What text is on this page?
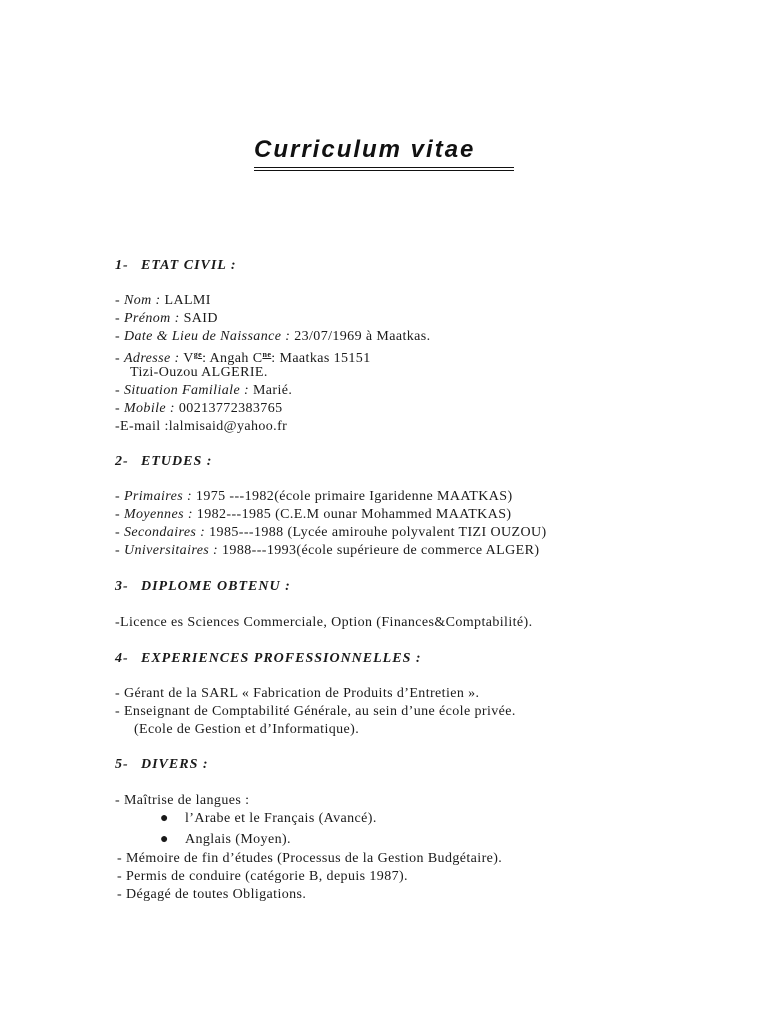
Curriculum vitae
1- ETAT CIVIL :
- Nom : LALMI
- Prénom : SAID
- Date & Lieu de Naissance : 23/07/1969 à Maatkas.
- Adresse : $V^{ge}$: Angah $C^{ne}$: Maatkas 15151
Tizi-Ouzou ALGERIE.
- Situation Familiale : Marié.
- Mobile : 00213772383765
-E-mail :lalmisaid@yahoo.fr
2- ETUDES :
- Primaires : 1975 ---1982(école primaire Igaridenne MAATKAS)
- Moyennes : 1982---1985 (C.E.M ounar Mohammed MAATKAS)
- Secondaires : 1985---1988 (Lycée amirouhe polyvalent TIZI OUZOU)
- Universitaires : 1988---1993(école supérieure de commerce ALGER)
3- DIPLOME OBTENU :
-Licence es Sciences Commerciale, Option (Finances&Comptabilité).
4- EXPERIENCES PROFESSIONNELLES :
- Gérant de la SARL « Fabrication de Produits d’Entretien ».
- Enseignant de Comptabilité Générale, au sein d’une école privée.
(Ecole de Gestion et d’Informatique).
5- DIVERS :
- Maîtrise de langues :
● l’Arabe et le Français (Avancé).
● Anglais (Moyen).
- Mémoire de fin d’études (Processus de la Gestion Budgétaire).
- Permis de conduire (catégorie B, depuis 1987).
- Dégagé de toutes Obligations.
